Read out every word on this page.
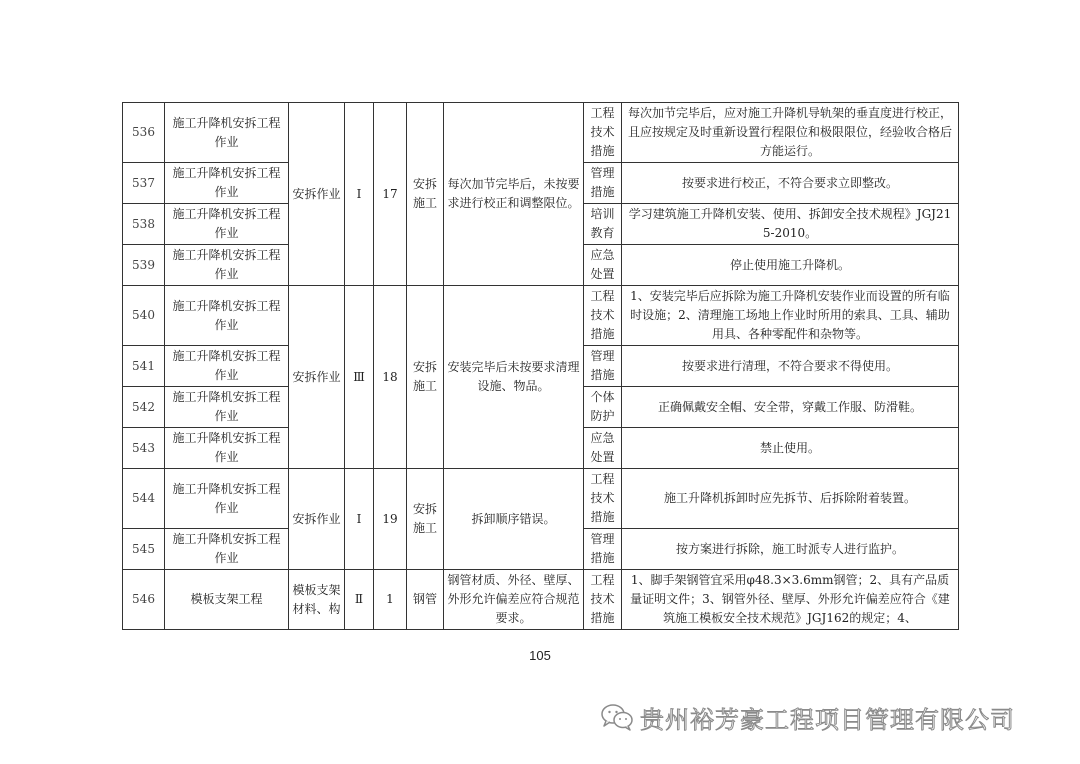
536	施工升降机安拆工程作业	安拆作业	Ⅰ	17	安拆施工	每次加节完毕后，未按要求进行校正和调整限位。	工程技术措施	每次加节完毕后，应对施工升降机导轨架的垂直度进行校正，且应按规定及时重新设置行程限位和极限限位，经验收合格后方能运行。
537	施工升降机安拆工程作业						管理措施	按要求进行校正，不符合要求立即整改。
538	施工升降机安拆工程作业						培训教育	学习建筑施工升降机安装、使用、拆卸安全技术规程》JGJ215-2010。
539	施工升降机安拆工程作业						应急处置	停止使用施工升降机。
540	施工升降机安拆工程作业	安拆作业	Ⅲ	18	安拆施工	安装完毕后未按要求清理设施、物品。	工程技术措施	1、安装完毕后应拆除为施工升降机安装作业而设置的所有临时设施；2、清理施工场地上作业时所用的索具、工具、辅助用具、各种零配件和杂物等。
541	施工升降机安拆工程作业						管理措施	按要求进行清理，不符合要求不得使用。
542	施工升降机安拆工程作业						个体防护	正确佩戴安全帽、安全带，穿戴工作服、防滑鞋。
543	施工升降机安拆工程作业						应急处置	禁止使用。
544	施工升降机安拆工程作业	安拆作业	Ⅰ	19	安拆施工	拆卸顺序错误。	工程技术措施	施工升降机拆卸时应先拆节、后拆除附着装置。
545	施工升降机安拆工程作业						管理措施	按方案进行拆除，施工时派专人进行监护。
546	模板支架工程	模板支架材料、构	Ⅱ	1	钢管	钢管材质、外径、壁厚、外形允许偏差应符合规范要求。	工程技术措施	1、脚手架钢管宜采用φ48.3×3.6mm钢管；2、具有产品质量证明文件；3、钢管外径、壁厚、外形允许偏差应符合《建筑施工模板安全技术规范》JGJ162的规定；4、
105
贵州裕芳豪工程项目管理有限公司
